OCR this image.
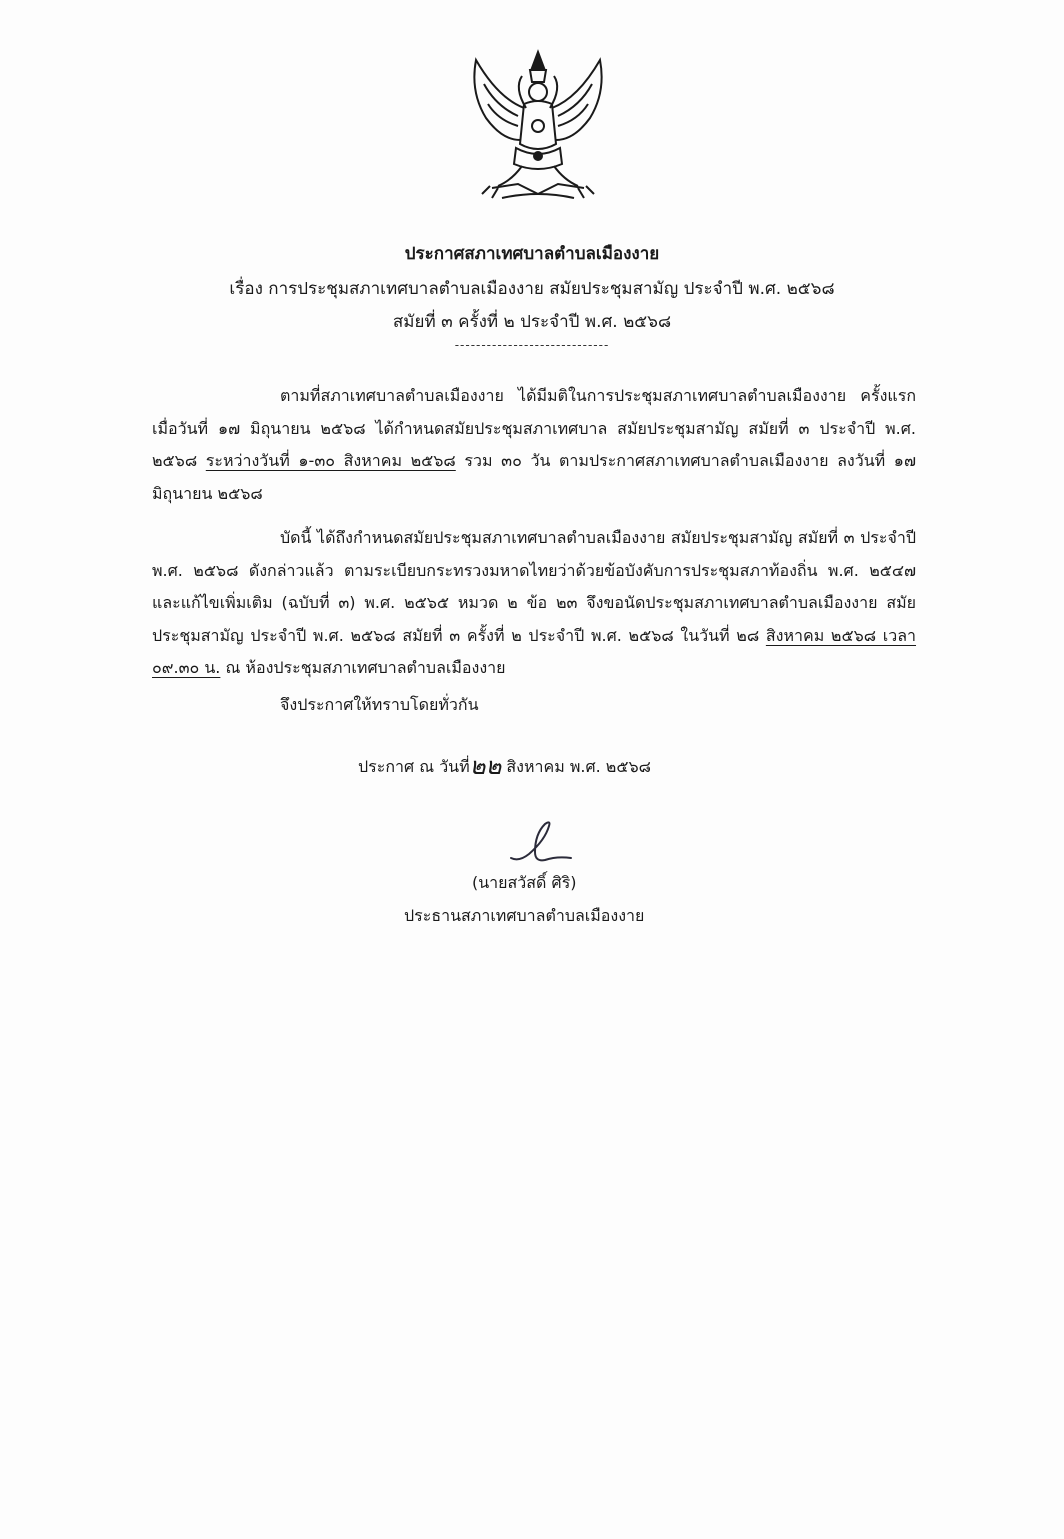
ประกาศสภาเทศบาลตำบลเมืองงาย
เรื่อง การประชุมสภาเทศบาลตำบลเมืองงาย สมัยประชุมสามัญ ประจำปี พ.ศ. ๒๕๖๘
สมัยที่ ๓ ครั้งที่ ๒ ประจำปี พ.ศ. ๒๕๖๘
-----------------------------
ตามที่สภาเทศบาลตำบลเมืองงาย ได้มีมติในการประชุมสภาเทศบาลตำบลเมืองงาย ครั้งแรก เมื่อวันที่ ๑๗ มิถุนายน ๒๕๖๘ ได้กำหนดสมัยประชุมสภาเทศบาล สมัยประชุมสามัญ สมัยที่ ๓ ประจำปี พ.ศ. ๒๕๖๘ ระหว่างวันที่ ๑-๓๐ สิงหาคม ๒๕๖๘ รวม ๓๐ วัน ตามประกาศสภาเทศบาลตำบลเมืองงาย ลงวันที่ ๑๗ มิถุนายน ๒๕๖๘
บัดนี้ ได้ถึงกำหนดสมัยประชุมสภาเทศบาลตำบลเมืองงาย สมัยประชุมสามัญ สมัยที่ ๓ ประจำปี พ.ศ. ๒๕๖๘ ดังกล่าวแล้ว ตามระเบียบกระทรวงมหาดไทยว่าด้วยข้อบังคับการประชุมสภาท้องถิ่น พ.ศ. ๒๕๔๗ และแก้ไขเพิ่มเติม (ฉบับที่ ๓) พ.ศ. ๒๕๖๕ หมวด ๒ ข้อ ๒๓ จึงขอนัดประชุมสภาเทศบาลตำบลเมืองงาย สมัยประชุมสามัญ ประจำปี พ.ศ. ๒๕๖๘ สมัยที่ ๓ ครั้งที่ ๒ ประจำปี พ.ศ. ๒๕๖๘ ในวันที่ ๒๘ สิงหาคม ๒๕๖๘ เวลา ๐๙.๓๐ น. ณ ห้องประชุมสภาเทศบาลตำบลเมืองงาย
จึงประกาศให้ทราบโดยทั่วกัน
ประกาศ ณ วันที่๒๒ สิงหาคม พ.ศ. ๒๕๖๘
(นายสวัสดิ์ ศิริ)
ประธานสภาเทศบาลตำบลเมืองงาย
